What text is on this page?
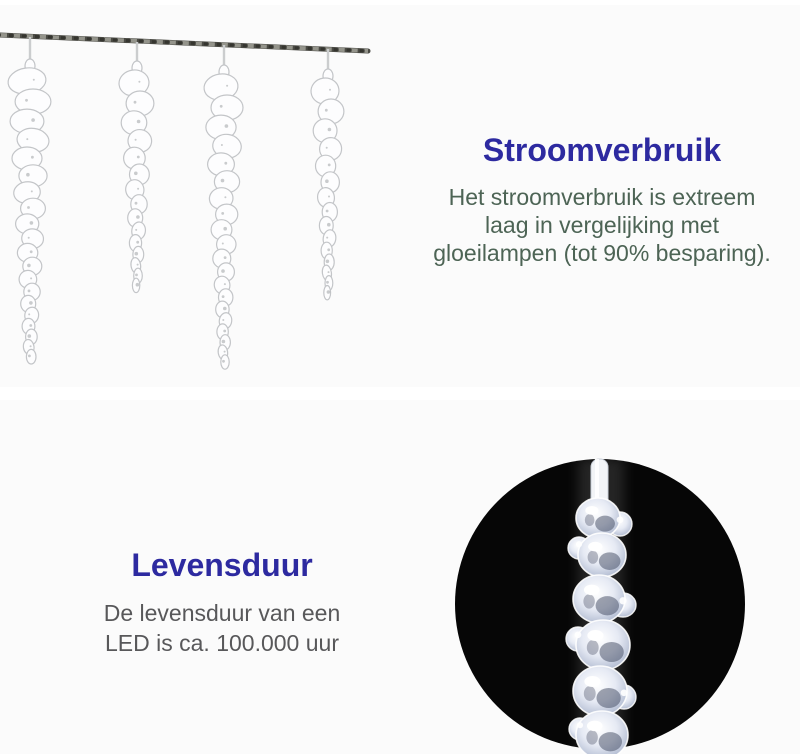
Stroomverbruik

Het stroomverbruik is extreem
laag in vergelijking met
gloeilampen (tot 90% besparing).

Levensduur

De levensduur van een
LED is ca. 100.000 uur
